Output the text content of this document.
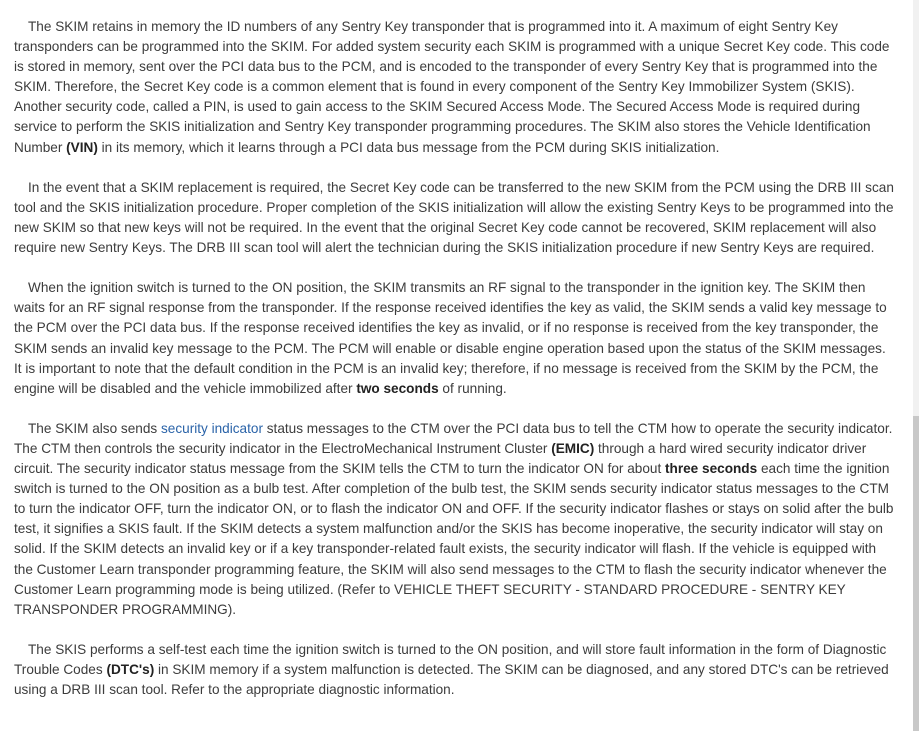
The SKIM retains in memory the ID numbers of any Sentry Key transponder that is programmed into it. A maximum of eight Sentry Key transponders can be programmed into the SKIM. For added system security each SKIM is programmed with a unique Secret Key code. This code is stored in memory, sent over the PCI data bus to the PCM, and is encoded to the transponder of every Sentry Key that is programmed into the SKIM. Therefore, the Secret Key code is a common element that is found in every component of the Sentry Key Immobilizer System (SKIS). Another security code, called a PIN, is used to gain access to the SKIM Secured Access Mode. The Secured Access Mode is required during service to perform the SKIS initialization and Sentry Key transponder programming procedures. The SKIM also stores the Vehicle Identification Number (VIN) in its memory, which it learns through a PCI data bus message from the PCM during SKIS initialization.

In the event that a SKIM replacement is required, the Secret Key code can be transferred to the new SKIM from the PCM using the DRB III scan tool and the SKIS initialization procedure. Proper completion of the SKIS initialization will allow the existing Sentry Keys to be programmed into the new SKIM so that new keys will not be required. In the event that the original Secret Key code cannot be recovered, SKIM replacement will also require new Sentry Keys. The DRB III scan tool will alert the technician during the SKIS initialization procedure if new Sentry Keys are required.

When the ignition switch is turned to the ON position, the SKIM transmits an RF signal to the transponder in the ignition key. The SKIM then waits for an RF signal response from the transponder. If the response received identifies the key as valid, the SKIM sends a valid key message to the PCM over the PCI data bus. If the response received identifies the key as invalid, or if no response is received from the key transponder, the SKIM sends an invalid key message to the PCM. The PCM will enable or disable engine operation based upon the status of the SKIM messages. It is important to note that the default condition in the PCM is an invalid key; therefore, if no message is received from the SKIM by the PCM, the engine will be disabled and the vehicle immobilized after two seconds of running.

The SKIM also sends security indicator status messages to the CTM over the PCI data bus to tell the CTM how to operate the security indicator. The CTM then controls the security indicator in the ElectroMechanical Instrument Cluster (EMIC) through a hard wired security indicator driver circuit. The security indicator status message from the SKIM tells the CTM to turn the indicator ON for about three seconds each time the ignition switch is turned to the ON position as a bulb test. After completion of the bulb test, the SKIM sends security indicator status messages to the CTM to turn the indicator OFF, turn the indicator ON, or to flash the indicator ON and OFF. If the security indicator flashes or stays on solid after the bulb test, it signifies a SKIS fault. If the SKIM detects a system malfunction and/or the SKIS has become inoperative, the security indicator will stay on solid. If the SKIM detects an invalid key or if a key transponder-related fault exists, the security indicator will flash. If the vehicle is equipped with the Customer Learn transponder programming feature, the SKIM will also send messages to the CTM to flash the security indicator whenever the Customer Learn programming mode is being utilized. (Refer to VEHICLE THEFT SECURITY - STANDARD PROCEDURE - SENTRY KEY TRANSPONDER PROGRAMMING).

The SKIS performs a self-test each time the ignition switch is turned to the ON position, and will store fault information in the form of Diagnostic Trouble Codes (DTC's) in SKIM memory if a system malfunction is detected. The SKIM can be diagnosed, and any stored DTC's can be retrieved using a DRB III scan tool. Refer to the appropriate diagnostic information.
